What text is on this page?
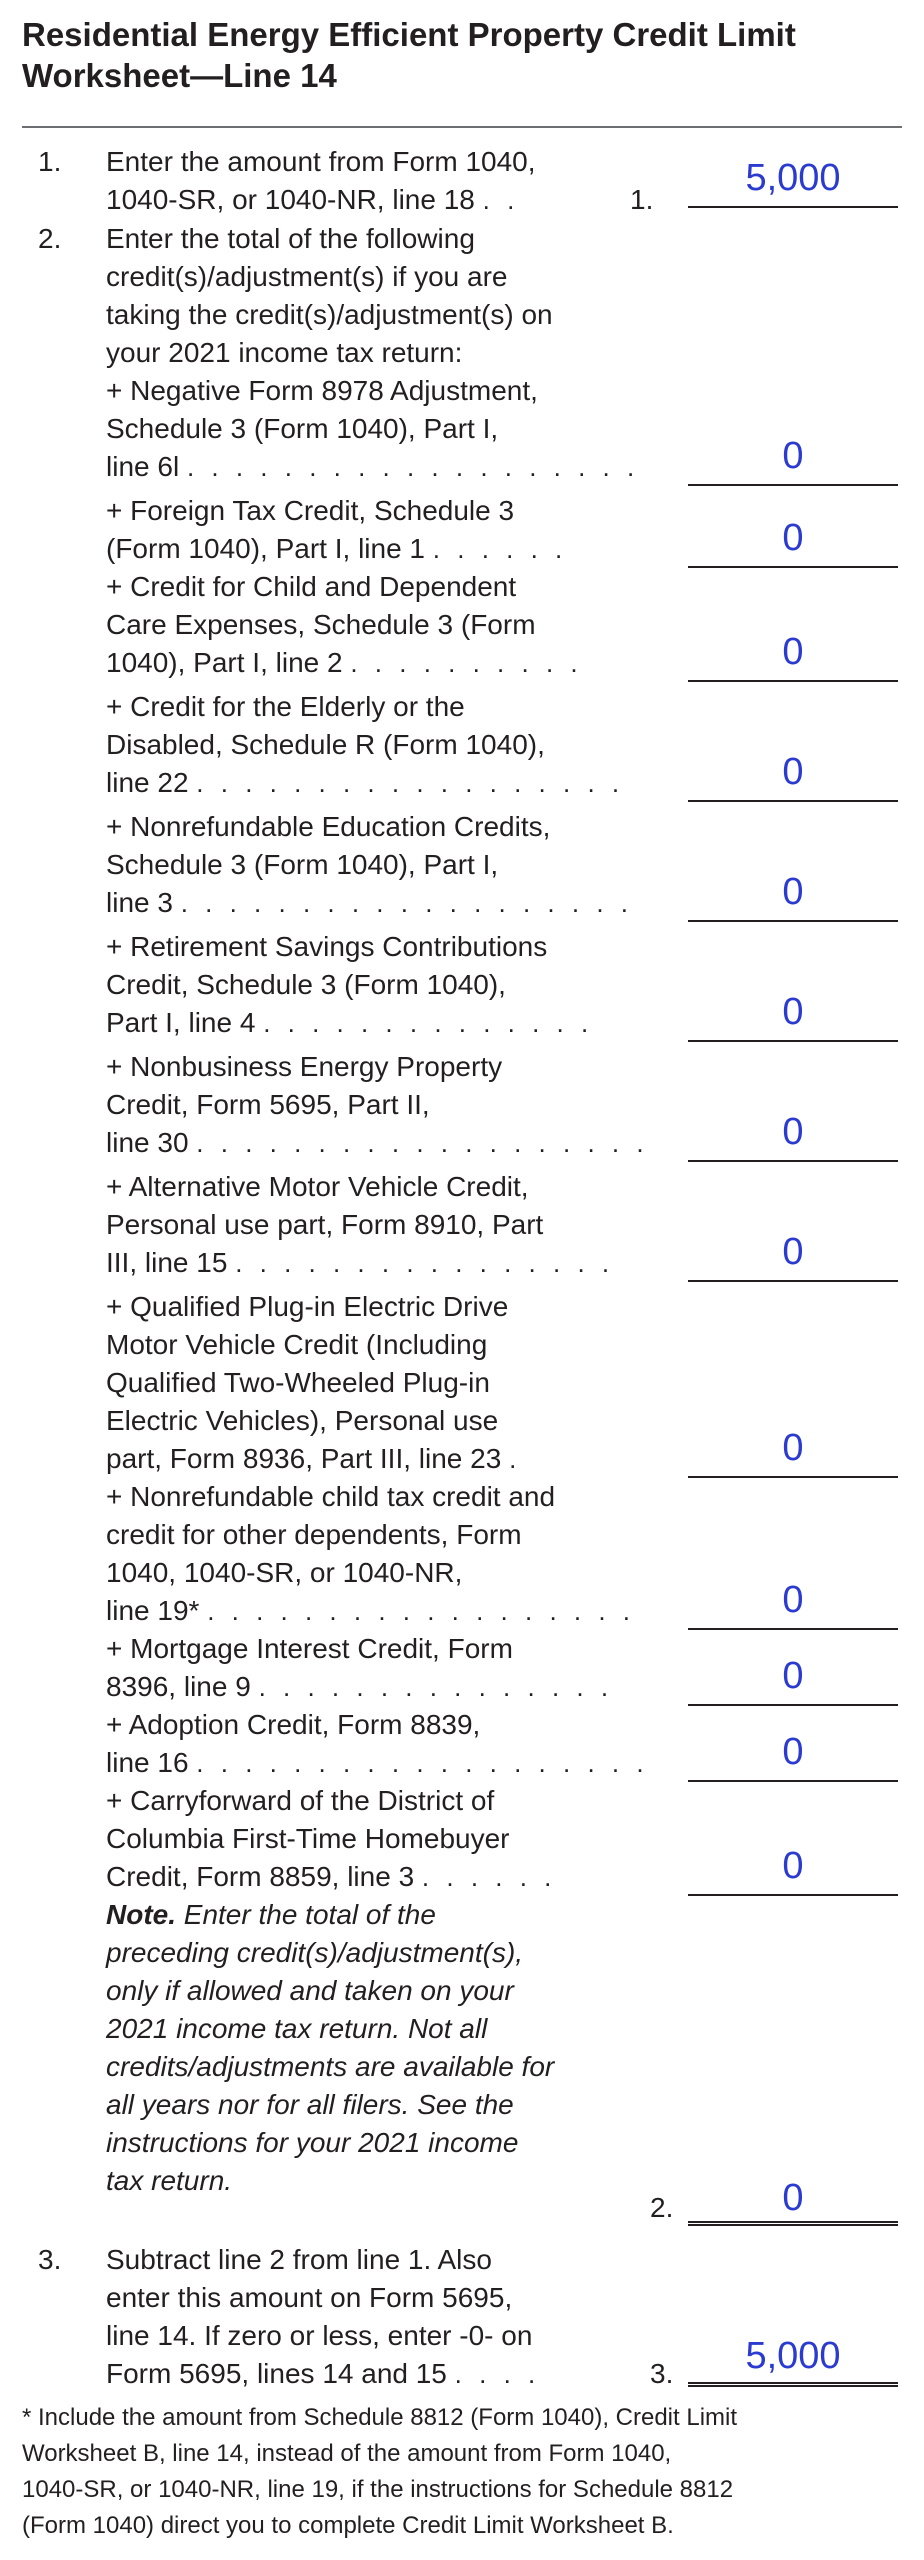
Residential Energy Efficient Property Credit Limit
Worksheet—Line 14
1. Enter the amount from Form 1040,
1040-SR, or 1040-NR, line 18 . .	1.
5,000
2. Enter the total of the following
credit(s)/adjustment(s) if you are
taking the credit(s)/adjustment(s) on
your 2021 income tax return:
+ Negative Form 8978 Adjustment,
Schedule 3 (Form 1040), Part I,
line 6l . . . . . . . . . . . . . . . . . . .	0
+ Foreign Tax Credit, Schedule 3
(Form 1040), Part I, line 1 . . . . . .	0
+ Credit for Child and Dependent
Care Expenses, Schedule 3 (Form
1040), Part I, line 2 . . . . . . . . . .	0
+ Credit for the Elderly or the
Disabled, Schedule R (Form 1040),
line 22 . . . . . . . . . . . . . . . . . .	0
+ Nonrefundable Education Credits,
Schedule 3 (Form 1040), Part I,
line 3 . . . . . . . . . . . . . . . . . . .	0
+ Retirement Savings Contributions
Credit, Schedule 3 (Form 1040),
Part I, line 4 . . . . . . . . . . . . . .	0
+ Nonbusiness Energy Property
Credit, Form 5695, Part II,
line 30 . . . . . . . . . . . . . . . . . . .	0
+ Alternative Motor Vehicle Credit,
Personal use part, Form 8910, Part
III, line 15 . . . . . . . . . . . . . . . .	0
+ Qualified Plug-in Electric Drive
Motor Vehicle Credit (Including
Qualified Two-Wheeled Plug-in
Electric Vehicles), Personal use
part, Form 8936, Part III, line 23 .	0
+ Nonrefundable child tax credit and
credit for other dependents, Form
1040, 1040-SR, or 1040-NR,
line 19* . . . . . . . . . . . . . . . . . .	0
+ Mortgage Interest Credit, Form
8396, line 9 . . . . . . . . . . . . . . .	0
+ Adoption Credit, Form 8839,
line 16 . . . . . . . . . . . . . . . . . . .	0
+ Carryforward of the District of
Columbia First-Time Homebuyer
Credit, Form 8859, line 3 . . . . . .	0
Note. Enter the total of the
preceding credit(s)/adjustment(s),
only if allowed and taken on your
2021 income tax return. Not all
credits/adjustments are available for
all years nor for all filers. See the
instructions for your 2021 income
tax return.
2.	0
3. Subtract line 2 from line 1. Also
enter this amount on Form 5695,
line 14. If zero or less, enter -0- on
Form 5695, lines 14 and 15 . . . .	3.	5,000
* Include the amount from Schedule 8812 (Form 1040), Credit Limit
Worksheet B, line 14, instead of the amount from Form 1040,
1040-SR, or 1040-NR, line 19, if the instructions for Schedule 8812
(Form 1040) direct you to complete Credit Limit Worksheet B.
